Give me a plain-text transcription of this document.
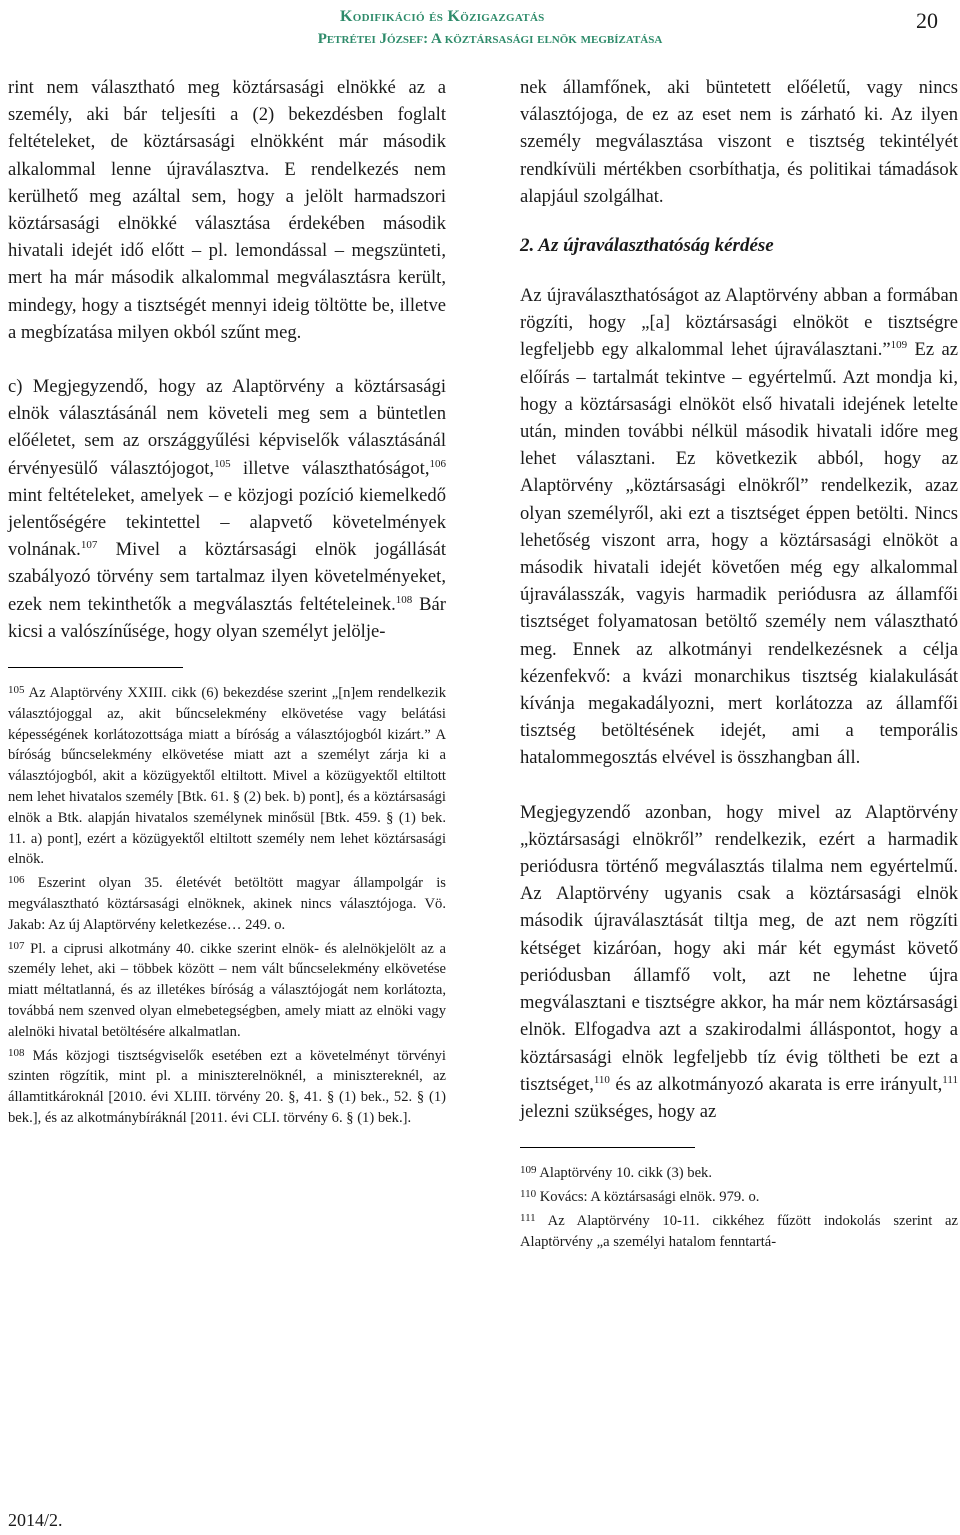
Kodifikáció és Közigazgatás
Petrétei József: A köztársasági elnök megbízatása
20

rint nem választható meg köztársasági elnökké az a személy, aki bár teljesíti a (2) bekezdésben foglalt feltételeket, de köztársasági elnökként már második alkalommal lenne újraválasztva. E rendelkezés nem kerülhető meg azáltal sem, hogy a jelölt harmadszori köztársasági elnökké választása érdekében második hivatali idejét idő előtt – pl. lemondással – megszünteti, mert ha már második alkalommal megválasztásra került, mindegy, hogy a tisztségét mennyi ideig töltötte be, illetve a megbízatása milyen okból szűnt meg.

c) Megjegyzendő, hogy az Alaptörvény a köztársasági elnök választásánál nem követeli meg sem a büntetlen előéletet, sem az országgyűlési képviselők választásánál érvényesülő választójogot,$^{105}$ illetve választhatóságot,$^{106}$ mint feltételeket, amelyek – e közjogi pozíció kiemelkedő jelentőségére tekintettel – alapvető követelmények volnának.$^{107}$ Mivel a köztársasági elnök jogállását szabályozó törvény sem tartalmaz ilyen követelményeket, ezek nem tekinthetők a megválasztás feltételeinek.$^{108}$ Bár kicsi a valószínűsége, hogy olyan személyt jelölje-

$^{105}$ Az Alaptörvény XXIII. cikk (6) bekezdése szerint „[n]em rendelkezik választójoggal az, akit bűncselekmény elkövetése vagy belátási képességének korlátozottsága miatt a bíróság a választójogból kizárt.” A bíróság bűncselekmény elkövetése miatt azt a személyt zárja ki a választójogból, akit a közügyektől eltiltott. Mivel a közügyektől eltiltott nem lehet hivatalos személy [Btk. 61. § (2) bek. b) pont], és a köztársasági elnök a Btk. alapján hivatalos személynek minősül [Btk. 459. § (1) bek. 11. a) pont], ezért a közügyektől eltiltott személy nem lehet köztársasági elnök.

$^{106}$ Eszerint olyan 35. életévét betöltött magyar állampolgár is megválasztható köztársasági elnöknek, akinek nincs választójoga. Vö. Jakab: Az új Alaptörvény keletkezése… 249. o.

$^{107}$ Pl. a ciprusi alkotmány 40. cikke szerint elnök- és alelnökjelölt az a személy lehet, aki – többek között – nem vált bűncselekmény elkövetése miatt méltatlanná, és az illetékes bíróság a választójogát nem korlátozta, továbbá nem szenved olyan elmebetegségben, amely miatt az elnöki vagy alelnöki hivatal betöltésére alkalmatlan.

$^{108}$ Más közjogi tisztségviselők esetében ezt a követelményt törvényi szinten rögzítik, mint pl. a miniszterelnöknél, a minisztereknél, az államtitkároknál [2010. évi XLIII. törvény 20. §, 41. § (1) bek., 52. § (1) bek.], és az alkotmánybíráknál [2011. évi CLI. törvény 6. § (1) bek.].

nek államfőnek, aki büntetett előéletű, vagy nincs választójoga, de ez az eset nem is zárható ki. Az ilyen személy megválasztása viszont e tisztség tekintélyét rendkívüli mértékben csorbíthatja, és politikai támadások alapjául szolgálhat.

2. Az újraválaszthatóság kérdése

Az újraválaszthatóságot az Alaptörvény abban a formában rögzíti, hogy „[a] köztársasági elnököt e tisztségre legfeljebb egy alkalommal lehet újraválasztani.”$^{109}$ Ez az előírás – tartalmát tekintve – egyértelmű. Azt mondja ki, hogy a köztársasági elnököt első hivatali idejének letelte után, minden további nélkül második hivatali időre meg lehet választani. Ez következik abból, hogy az Alaptörvény „köztársasági elnökről” rendelkezik, azaz olyan személyről, aki ezt a tisztséget éppen betölti. Nincs lehetőség viszont arra, hogy a köztársasági elnököt a második hivatali idejét követően még egy alkalommal újraválasszák, vagyis harmadik periódusra az államfői tisztséget folyamatosan betöltő személy nem választható meg. Ennek az alkotmányi rendelkezésnek a célja kézenfekvő: a kvázi monarchikus tisztség kialakulását kívánja megakadályozni, mert korlátozza az államfői tisztség betöltésének idejét, ami a temporális hatalommegosztás elvével is összhangban áll.

Megjegyzendő azonban, hogy mivel az Alaptörvény „köztársasági elnökről” rendelkezik, ezért a harmadik periódusra történő megválasztás tilalma nem egyértelmű. Az Alaptörvény ugyanis csak a köztársasági elnök második újraválasztását tiltja meg, de azt nem rögzíti kétséget kizáróan, hogy aki már két egymást követő periódusban államfő volt, azt ne lehetne újra megválasztani e tisztségre akkor, ha már nem köztársasági elnök. Elfogadva azt a szakirodalmi álláspontot, hogy a köztársasági elnök legfeljebb tíz évig töltheti be ezt a tisztséget,$^{110}$ és az alkotmányozó akarata is erre irányult,$^{111}$ jelezni szükséges, hogy az

$^{109}$ Alaptörvény 10. cikk (3) bek.

$^{110}$ Kovács: A köztársasági elnök. 979. o.

$^{111}$ Az Alaptörvény 10-11. cikkéhez fűzött indokolás szerint az Alaptörvény „a személyi hatalom fenntartá-

2014/2.
